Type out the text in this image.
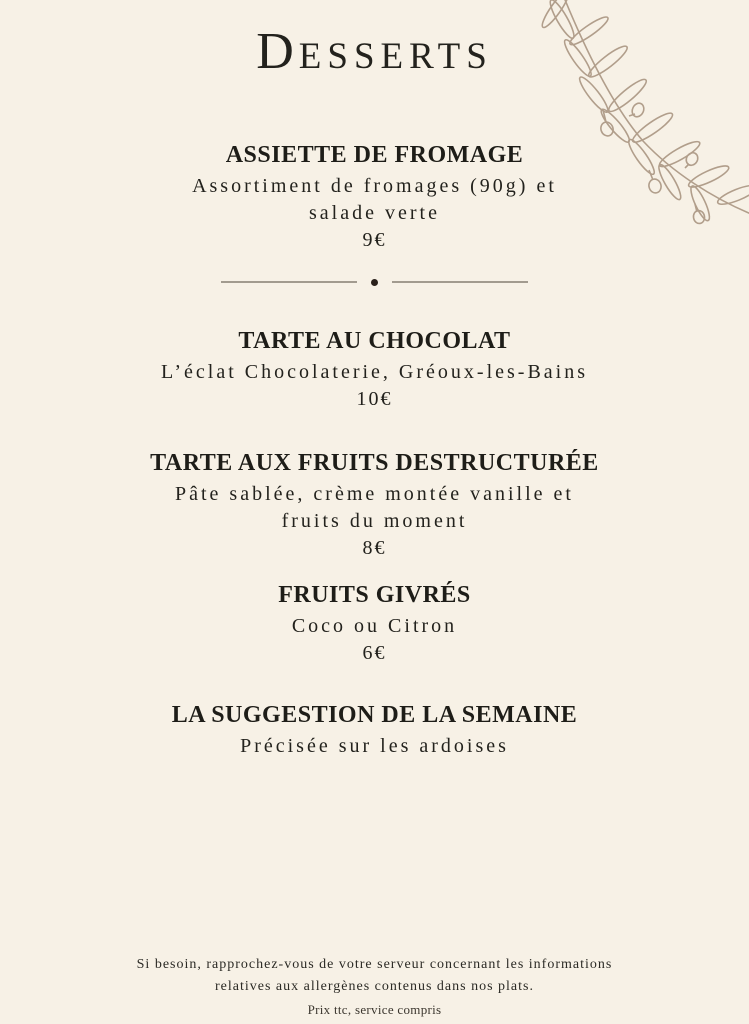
DESSERTS
ASSIETTE DE FROMAGE

Assortiment de fromages (90g) et

salade verte

9€

TARTE AU CHOCOLAT

L’éclat Chocolaterie, Gréoux-les-Bains

10€

TARTE AUX FRUITS DESTRUCTURÉE

Pâte sablée, crème montée vanille et

fruits du moment

8€

FRUITS GIVRÉS

Coco ou Citron

6€

LA SUGGESTION DE LA SEMAINE

Précisée sur les ardoises

Si besoin, rapprochez-vous de votre serveur concernant les informations

relatives aux allergènes contenus dans nos plats.

Prix ttc, service compris
